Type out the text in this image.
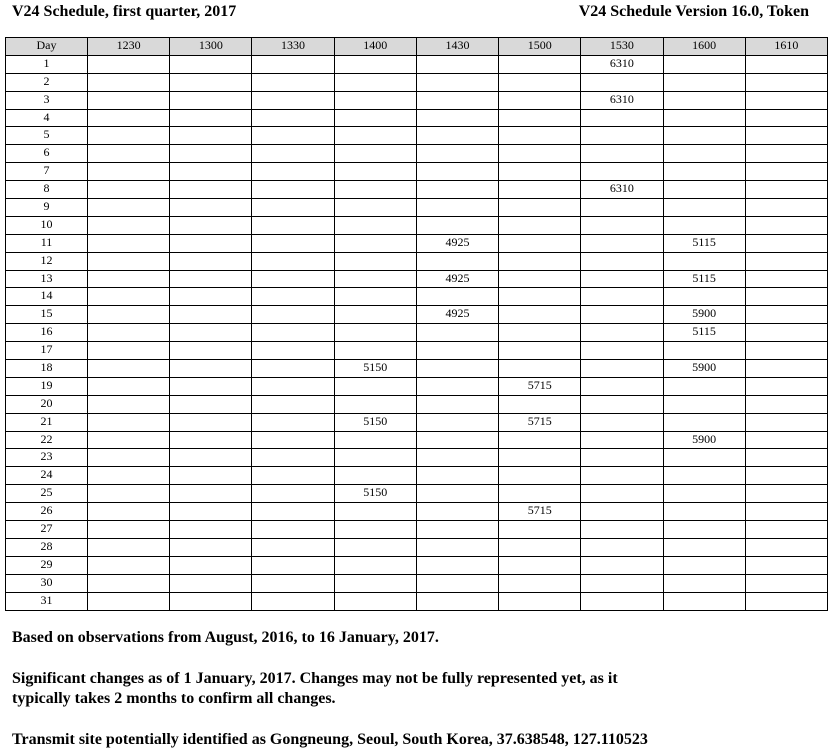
V24 Schedule, first quarter, 2017	V24 Schedule Version 16.0, Token
Day	1230	1300	1330	1400	1430	1500	1530	1600	1610
1							6310		
2									
3							6310		
4									
5									
6									
7									
8							6310		
9									
10									
11					4925			5115	
12									
13					4925			5115	
14									
15					4925			5900	
16								5115	
17									
18				5150				5900	
19						5715			
20									
21				5150		5715			
22								5900	
23									
24									
25				5150					
26						5715			
27									
28									
29									
30									
31									

Based on observations from August, 2016, to 16 January, 2017.

Significant changes as of 1 January, 2017. Changes may not be fully represented yet, as it

typically takes 2 months to confirm all changes.

Transmit site potentially identified as Gongneung, Seoul, South Korea, 37.638548, 127.110523
